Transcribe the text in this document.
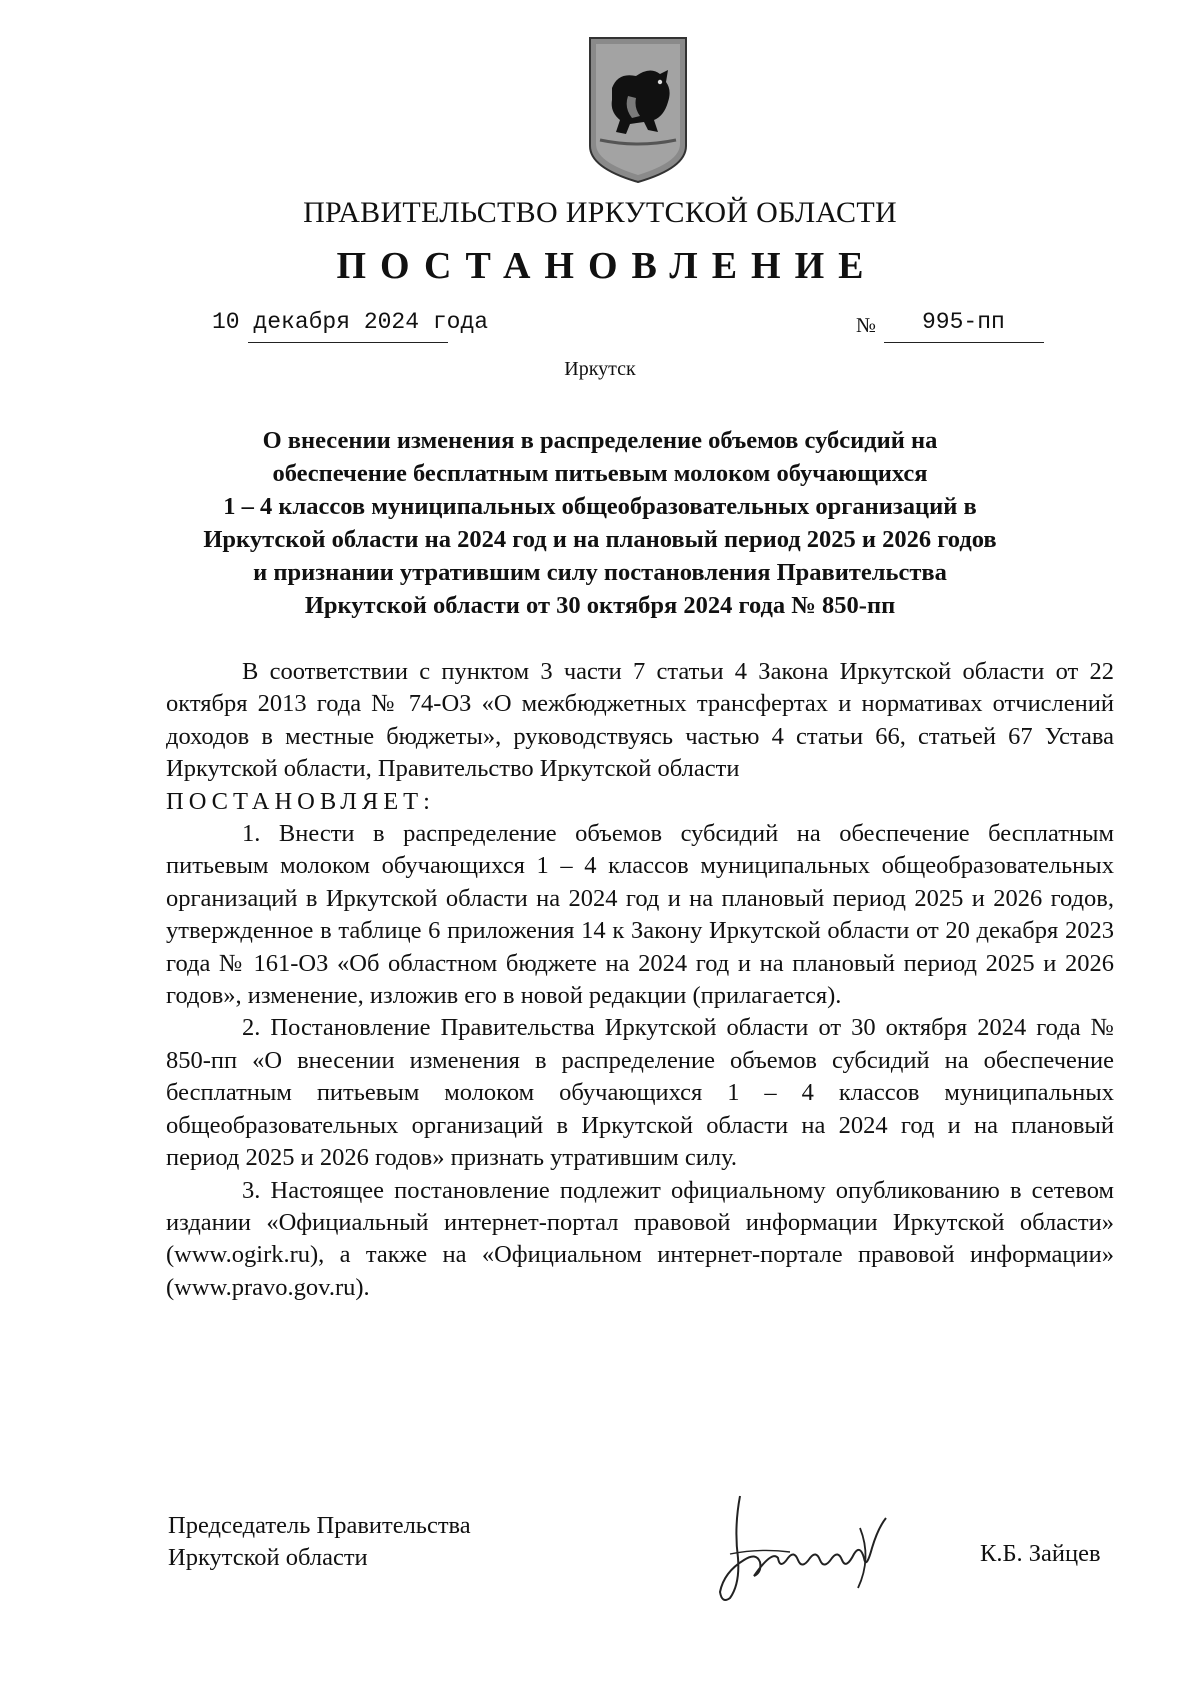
ПРАВИТЕЛЬСТВО ИРКУТСКОЙ ОБЛАСТИ
ПОСТАНОВЛЕНИЕ
10 декабря 2024 года	№ 995-пп
Иркутск
О внесении изменения в распределение объемов субсидий на
обеспечение бесплатным питьевым молоком обучающихся
1 – 4 классов муниципальных общеобразовательных организаций в
Иркутской области на 2024 год и на плановый период 2025 и 2026 годов
и признании утратившим силу постановления Правительства
Иркутской области от 30 октября 2024 года № 850-пп

В соответствии с пунктом 3 части 7 статьи 4 Закона Иркутской области от 22 октября 2013 года № 74-ОЗ «О межбюджетных трансфертах и нормативах отчислений доходов в местные бюджеты», руководствуясь частью 4 статьи 66, статьей 67 Устава Иркутской области, Правительство Иркутской области

ПОСТАНОВЛЯЕТ:

1. Внести в распределение объемов субсидий на обеспечение бесплатным питьевым молоком обучающихся 1 – 4 классов муниципальных общеобразовательных организаций в Иркутской области на 2024 год и на плановый период 2025 и 2026 годов, утвержденное в таблице 6 приложения 14 к Закону Иркутской области от 20 декабря 2023 года № 161-ОЗ «Об областном бюджете на 2024 год и на плановый период 2025 и 2026 годов», изменение, изложив его в новой редакции (прилагается).

2. Постановление Правительства Иркутской области от 30 октября 2024 года № 850-пп «О внесении изменения в распределение объемов субсидий на обеспечение бесплатным питьевым молоком обучающихся 1 – 4 классов муниципальных общеобразовательных организаций в Иркутской области на 2024 год и на плановый период 2025 и 2026 годов» признать утратившим силу.

3. Настоящее постановление подлежит официальному опубликованию в сетевом издании «Официальный интернет-портал правовой информации Иркутской области» (www.ogirk.ru), а также на «Официальном интернет-портале правовой информации» (www.pravo.gov.ru).

Председатель Правительства
Иркутской области	К.Б. Зайцев
